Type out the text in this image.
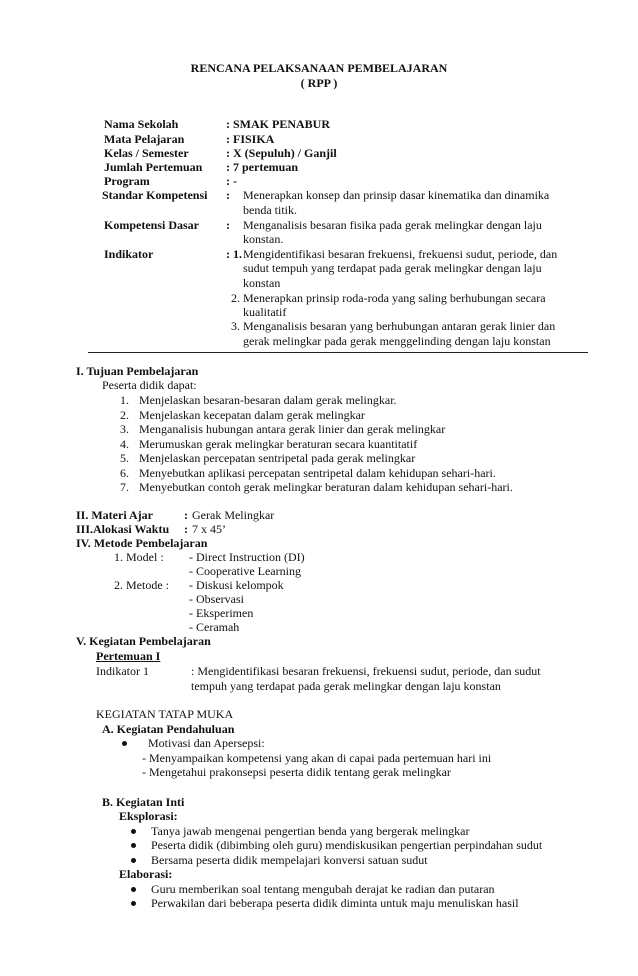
RENCANA PELAKSANAAN PEMBELAJARAN
( RPP )
Nama Sekolah	: SMAK PENABUR
Mata Pelajaran	: FISIKA
Kelas / Semester	: X (Sepuluh) / Ganjil
Jumlah Pertemuan : 7 pertemuan
Program	: -
Standar Kompetensi : Menerapkan konsep dan prinsip dasar kinematika dan dinamika
benda titik.
Kompetensi Dasar : Menganalisis besaran fisika pada gerak melingkar dengan laju
konstan.
Indikator	: 1. Mengidentifikasi besaran frekuensi, frekuensi sudut, periode, dan
sudut tempuh yang terdapat pada gerak melingkar dengan laju
konstan
2. Menerapkan prinsip roda-roda yang saling berhubungan secara
kualitatif
3. Menganalisis besaran yang berhubungan antaran gerak linier dan
gerak melingkar pada gerak menggelinding dengan laju konstan
I. Tujuan Pembelajaran
Peserta didik dapat:
1. Menjelaskan besaran-besaran dalam gerak melingkar.
2. Menjelaskan kecepatan dalam gerak melingkar
3. Menganalisis hubungan antara gerak linier dan gerak melingkar
4. Merumuskan gerak melingkar beraturan secara kuantitatif
5. Menjelaskan percepatan sentripetal pada gerak melingkar
6. Menyebutkan aplikasi percepatan sentripetal dalam kehidupan sehari-hari.
7. Menyebutkan contoh gerak melingkar beraturan dalam kehidupan sehari-hari.
II. Materi Ajar	: Gerak Melingkar
III.Alokasi Waktu : 7 x 45’
IV. Metode Pembelajaran
1. Model : - Direct Instruction (DI)
- Cooperative Learning
2. Metode : - Diskusi kelompok
- Observasi
- Eksperimen
- Ceramah
V. Kegiatan Pembelajaran
Pertemuan I
Indikator 1	: Mengidentifikasi besaran frekuensi, frekuensi sudut, periode, dan sudut
tempuh yang terdapat pada gerak melingkar dengan laju konstan
KEGIATAN TATAP MUKA
A. Kegiatan Pendahuluan
Motivasi dan Apersepsi:
- Menyampaikan kompetensi yang akan di capai pada pertemuan hari ini
- Mengetahui prakonsepsi peserta didik tentang gerak melingkar
B. Kegiatan Inti
Eksplorasi:
Tanya jawab mengenai pengertian benda yang bergerak melingkar
Peserta didik (dibimbing oleh guru) mendiskusikan pengertian perpindahan sudut
Bersama peserta didik mempelajari konversi satuan sudut
Elaborasi:
Guru memberikan soal tentang mengubah derajat ke radian dan putaran
Perwakilan dari beberapa peserta didik diminta untuk maju menuliskan hasil
